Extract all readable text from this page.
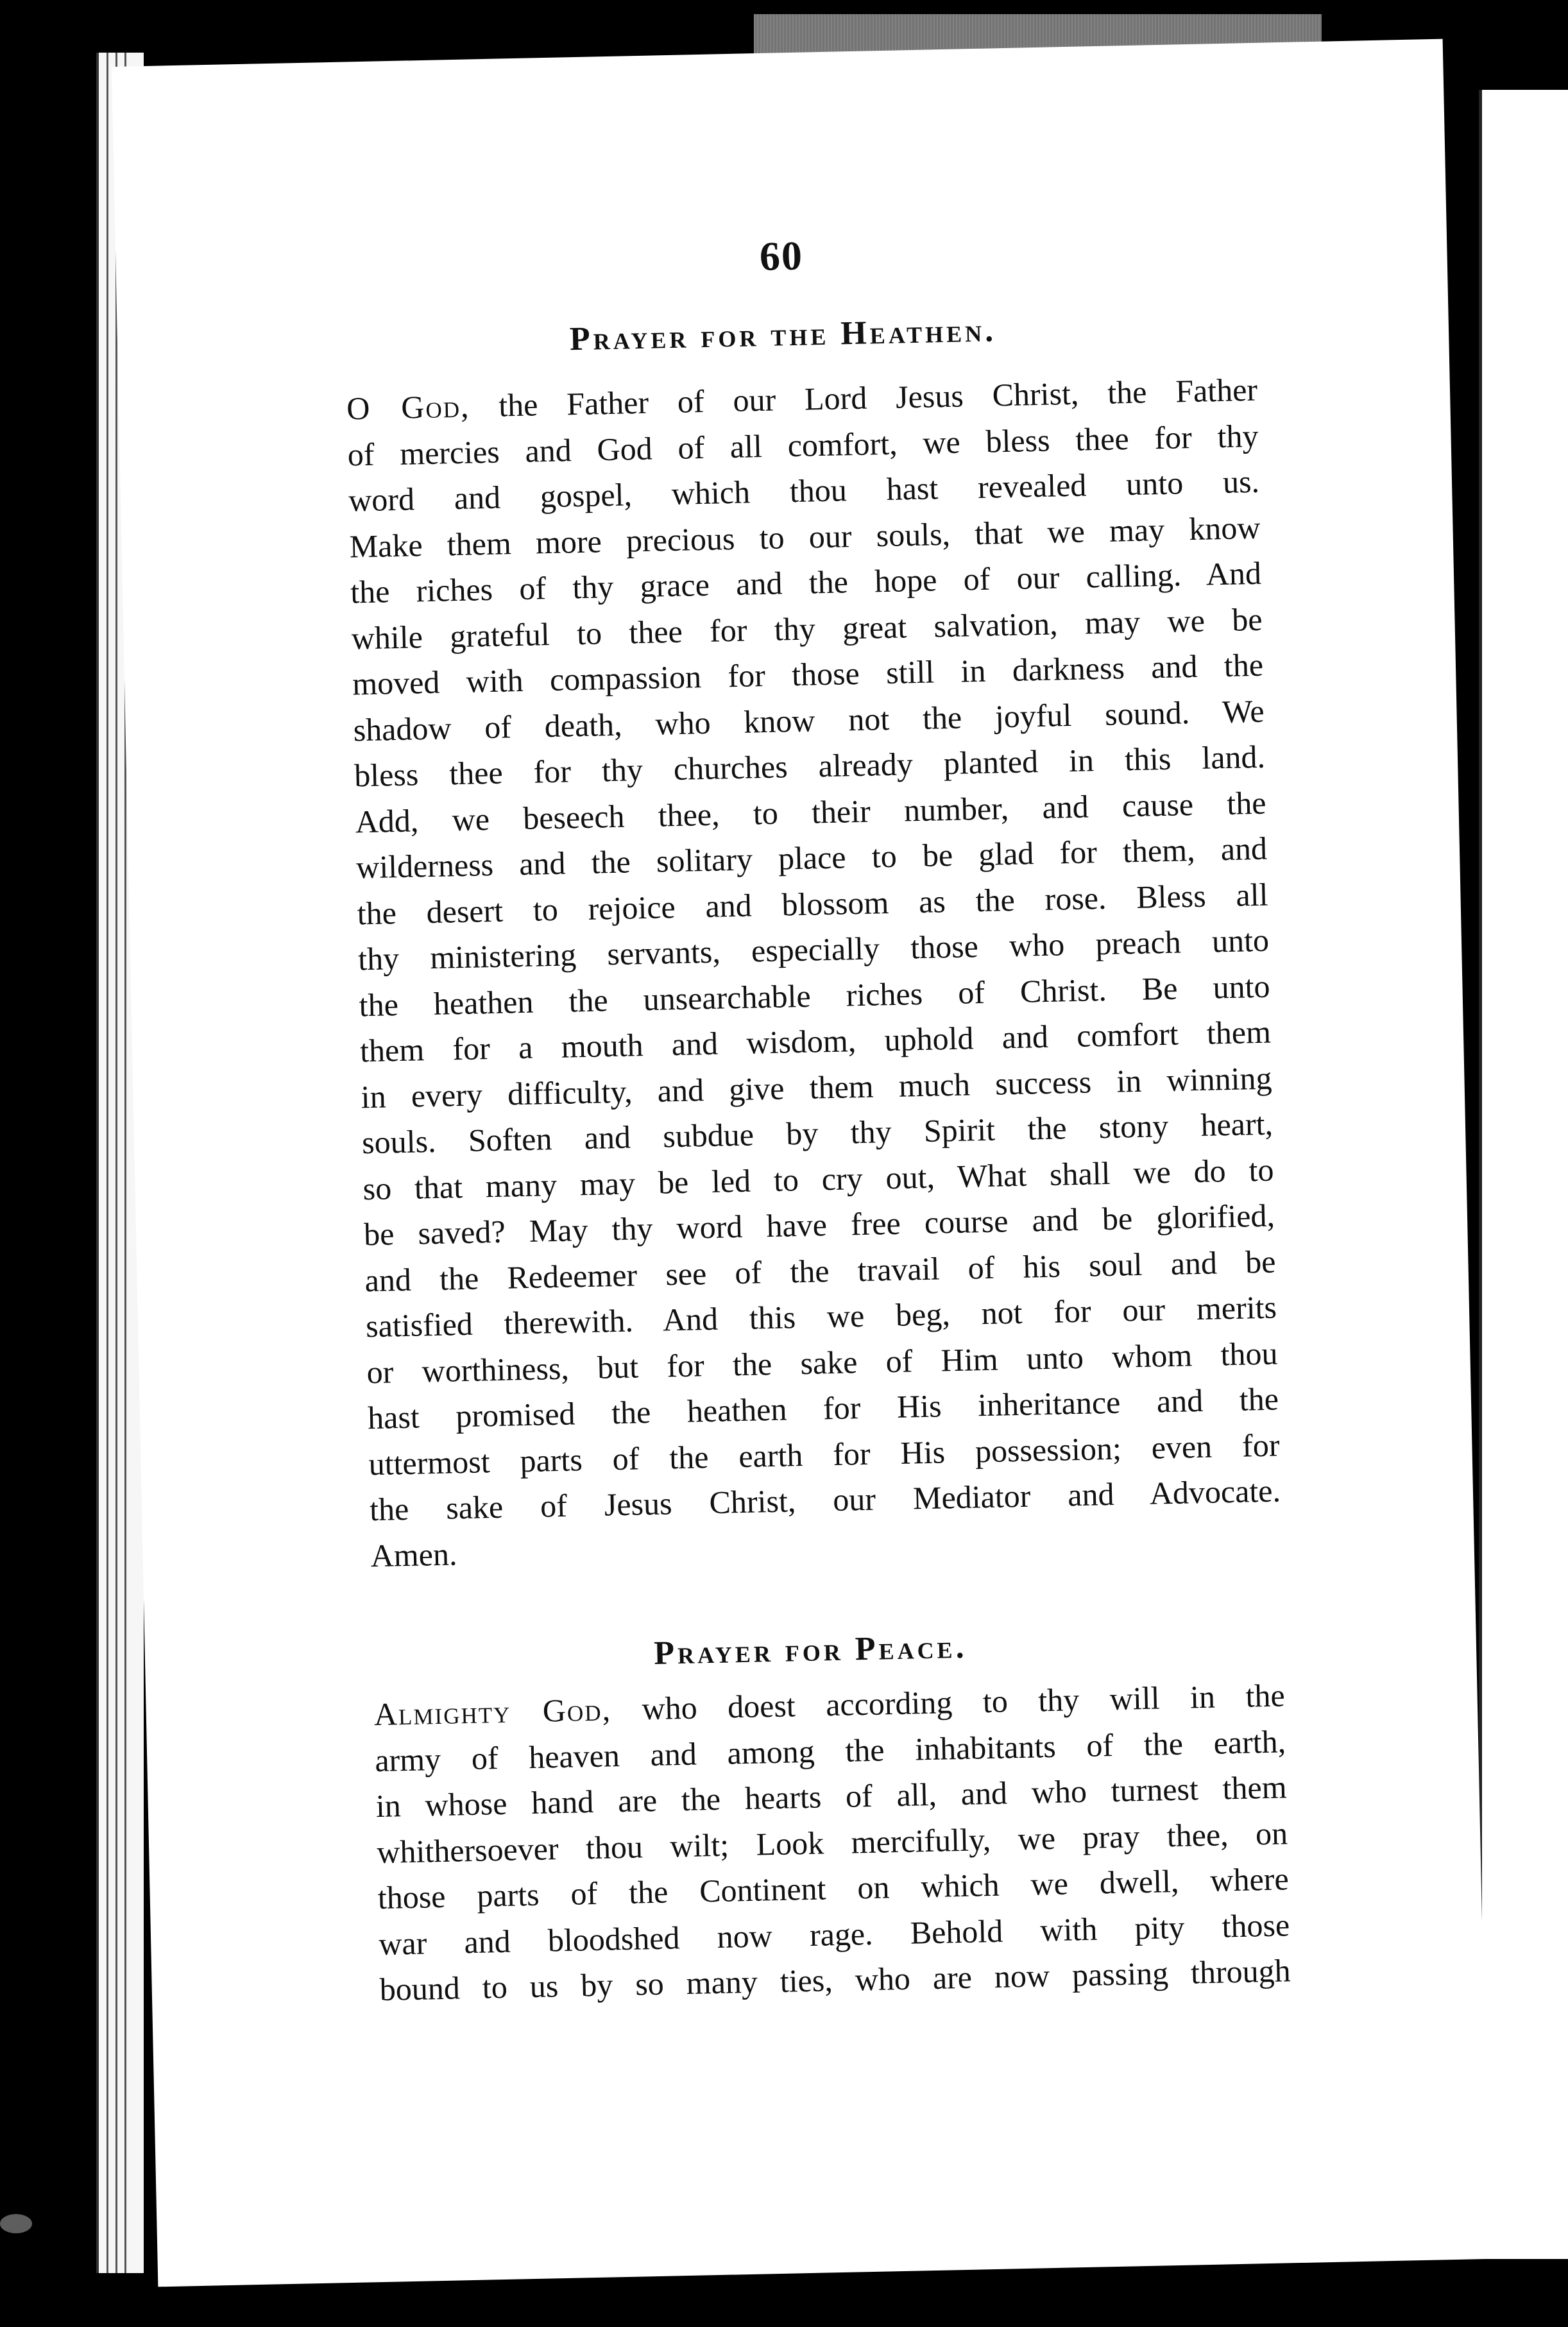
60
Prayer for the Heathen.
O God, the Father of our Lord Jesus Christ, the Father
of mercies and God of all comfort, we bless thee for thy
word and gospel, which thou hast revealed unto us.
Make them more precious to our souls, that we may know
the riches of thy grace and the hope of our calling. And
while grateful to thee for thy great salvation, may we be
moved with compassion for those still in darkness and the
shadow of death, who know not the joyful sound. We
bless thee for thy churches already planted in this land.
Add, we beseech thee, to their number, and cause the
wilderness and the solitary place to be glad for them, and
the desert to rejoice and blossom as the rose. Bless all
thy ministering servants, especially those who preach unto
the heathen the unsearchable riches of Christ. Be unto
them for a mouth and wisdom, uphold and comfort them
in every difficulty, and give them much success in winning
souls. Soften and subdue by thy Spirit the stony heart,
so that many may be led to cry out, What shall we do to
be saved? May thy word have free course and be glorified,
and the Redeemer see of the travail of his soul and be
satisfied therewith. And this we beg, not for our merits
or worthiness, but for the sake of Him unto whom thou
hast promised the heathen for His inheritance and the
uttermost parts of the earth for His possession; even for
the sake of Jesus Christ, our Mediator and Advocate.
Amen.
Prayer for Peace.
Almighty God, who doest according to thy will in the
army of heaven and among the inhabitants of the earth,
in whose hand are the hearts of all, and who turnest them
whithersoever thou wilt; Look mercifully, we pray thee, on
those parts of the Continent on which we dwell, where
war and bloodshed now rage. Behold with pity those
bound to us by so many ties, who are now passing through
